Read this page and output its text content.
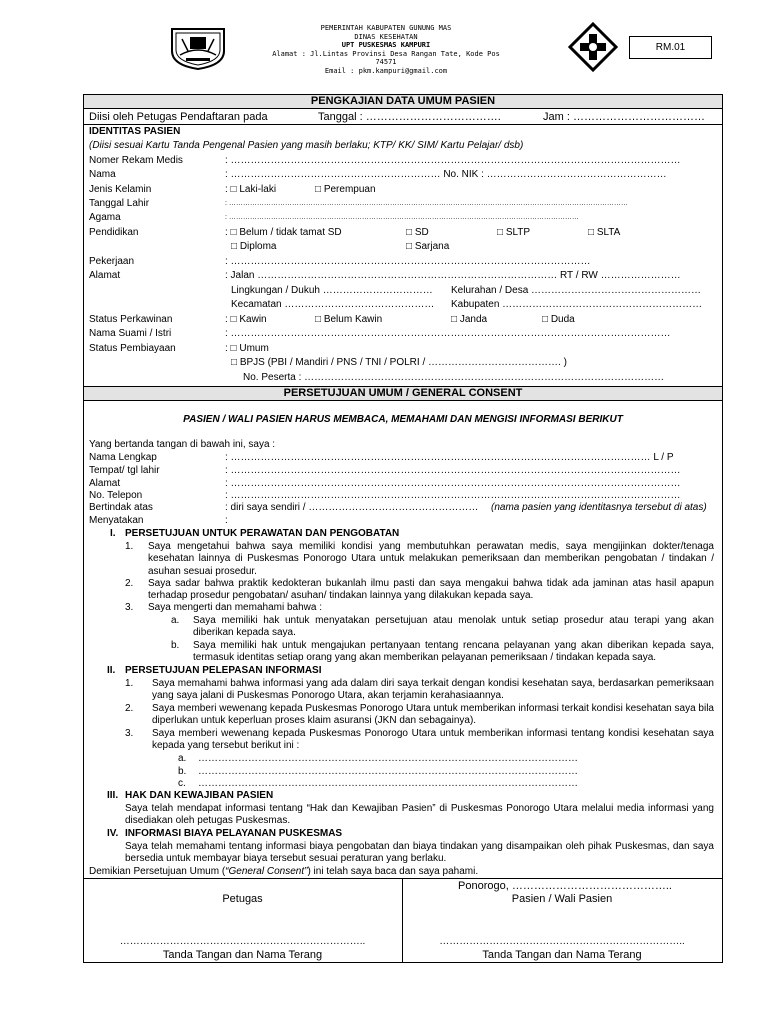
PEMERINTAH KABUPATEN GUNUNG MAS
DINAS KESEHATAN
UPT PUSKESMAS KAMPURI
Alamat : Jl.Lintas Provinsi Desa Rangan Tate, Kode Pos 74571
Email : pkm.kampuri@gmail.com
RM.01
PENGKAJIAN DATA UMUM PASIEN
Diisi oleh Petugas Pendaftaran pada	Tanggal : ……………………………….	Jam : ………………………………
IDENTITAS PASIEN
(Diisi sesuai Kartu Tanda Pengenal Pasien yang masih berlaku; KTP/ KK/ SIM/ Kartu Pelajar/ dsb)
Nomer Rekam Medis	: ………………………………………………………………………………………………………………………
Nama	: ……………………………………………………… No. NIK : ………………………………………………
Jenis Kelamin	: □ Laki-laki	□ Perempuan
Tanggal Lahir	: ………………………………………………………………………………………………………………………………………………………
Agama	: ……………………………………………………………………………………………………………………………………
Pendidikan	: □ Belum / tidak tamat SD	□ SD	□ SLTP	□ SLTA
□ Diploma	□ Sarjana
Pekerjaan	: ………………………………………………………………………………………………
Alamat	: Jalan ……………………………………………………………………………… RT / RW ……………………
Lingkungan / Dukuh …………………………… Kelurahan / Desa ……………………………………………
Kecamatan ……………………………………… Kabupaten ……………………………………………………
Status Perkawinan	: □ Kawin	□ Belum Kawin	□ Janda	□ Duda
Nama Suami / Istri	: ……………………………………………………………………………………………………………………
Status Pembiayaan	: □ Umum
□ BPJS (PBI / Mandiri / PNS / TNI / POLRI / …………………………………. )
No. Peserta : ………………………………………………………………………………………………
PERSETUJUAN UMUM / GENERAL CONSENT
PASIEN / WALI PASIEN HARUS MEMBACA, MEMAHAMI DAN MENGISI INFORMASI BERIKUT
Yang bertanda tangan di bawah ini, saya :
Nama Lengkap	: ……………………………………………………………………………………………………………… L / P
Tempat/ tgl lahir	: ………………………………………………………………………………………………………………………
Alamat	: ………………………………………………………………………………………………………………………
No. Telepon	: ………………………………………………………………………………………………………………………
Bertindak atas	: diri saya sendiri / …………………………………………… (nama pasien yang identitasnya tersebut di atas)
Menyatakan	:
I. PERSETUJUAN UNTUK PERAWATAN DAN PENGOBATAN
1. Saya mengetahui bahwa saya memiliki kondisi yang membutuhkan perawatan medis, saya mengijinkan dokter/tenaga kesehatan lainnya di Puskesmas Ponorogo Utara untuk melakukan pemeriksaan dan memberikan pengobatan / tindakan / asuhan sesuai prosedur.
2. Saya sadar bahwa praktik kedokteran bukanlah ilmu pasti dan saya mengakui bahwa tidak ada jaminan atas hasil apapun terhadap prosedur pengobatan/ asuhan/ tindakan lainnya yang dilakukan kepada saya.
3. Saya mengerti dan memahami bahwa :
a. Saya memiliki hak untuk menyatakan persetujuan atau menolak untuk setiap prosedur atau terapi yang akan diberikan kepada saya.
b. Saya memiliki hak untuk mengajukan pertanyaan tentang rencana pelayanan yang akan diberikan kepada saya, termasuk identitas setiap orang yang akan memberikan pelayanan pemeriksaan / tindakan kepada saya.
II. PERSETUJUAN PELEPASAN INFORMASI
1. Saya memahami bahwa informasi yang ada dalam diri saya terkait dengan kondisi kesehatan saya, berdasarkan pemeriksaan yang saya jalani di Puskesmas Ponorogo Utara, akan terjamin kerahasiaannya.
2. Saya memberi wewenang kepada Puskesmas Ponorogo Utara untuk memberikan informasi terkait kondisi kesehatan saya bila diperlukan untuk keperluan proses klaim asuransi (JKN dan sebagainya).
3. Saya memberi wewenang kepada Puskesmas Ponorogo Utara untuk memberikan informasi tentang kondisi kesehatan saya kepada yang tersebut berikut ini :
a. ……………………………………………………………………………………………………
b. ……………………………………………………………………………………………………
c. ……………………………………………………………………………………………………
III. HAK DAN KEWAJIBAN PASIEN
Saya telah mendapat informasi tentang “Hak dan Kewajiban Pasien” di Puskesmas Ponorogo Utara melalui media informasi yang disediakan oleh petugas Puskesmas.
IV. INFORMASI BIAYA PELAYANAN PUSKESMAS
Saya telah memahami tentang informasi biaya pengobatan dan biaya tindakan yang disampaikan oleh pihak Puskesmas, dan saya bersedia untuk membayar biaya tersebut sesuai peraturan yang berlaku.
Demikian Persetujuan Umum (“General Consent”) ini telah saya baca dan saya pahami.
Ponorogo, ……………………………………..
Petugas	Pasien / Wali Pasien
………………………………………………………………..	………………………………………………………………..
Tanda Tangan dan Nama Terang	Tanda Tangan dan Nama Terang
